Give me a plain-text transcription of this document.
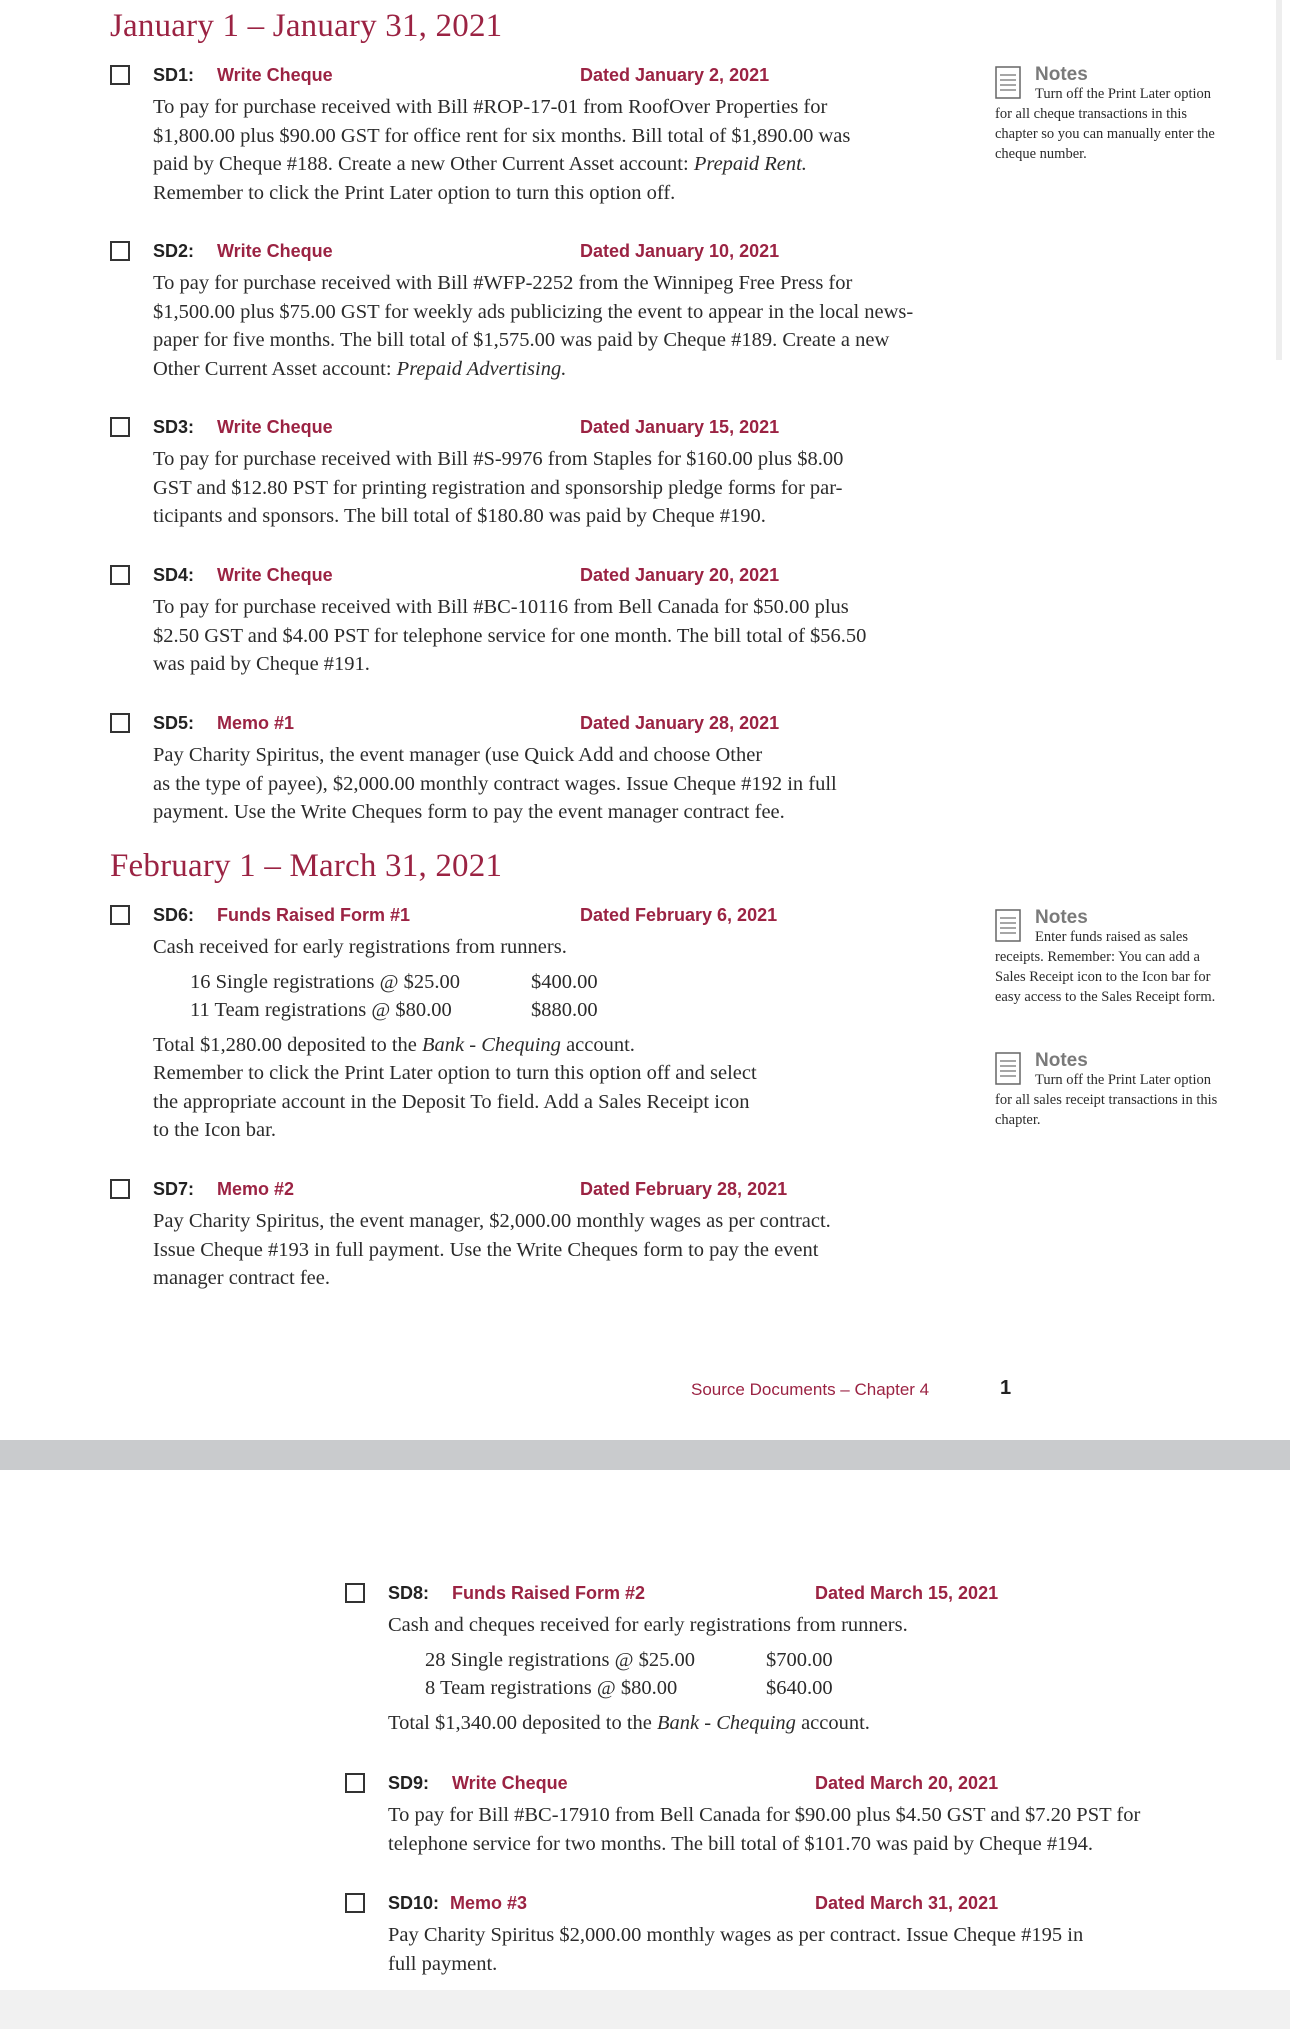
January 1 – January 31, 2021
SD1: Write Cheque	Dated January 2, 2021

To pay for purchase received with Bill #ROP-17-01 from RoofOver Properties for

$1,800.00 plus $90.00 GST for office rent for six months. Bill total of $1,890.00 was

paid by Cheque #188. Create a new Other Current Asset account: Prepaid Rent.

Remember to click the Print Later option to turn this option off.

SD2: Write Cheque	Dated January 10, 2021

To pay for purchase received with Bill #WFP-2252 from the Winnipeg Free Press for

$1,500.00 plus $75.00 GST for weekly ads publicizing the event to appear in the local news-

paper for five months. The bill total of $1,575.00 was paid by Cheque #189. Create a new

Other Current Asset account: Prepaid Advertising.

SD3: Write Cheque	Dated January 15, 2021

To pay for purchase received with Bill #S-9976 from Staples for $160.00 plus $8.00

GST and $12.80 PST for printing registration and sponsorship pledge forms for par-

ticipants and sponsors. The bill total of $180.80 was paid by Cheque #190.

SD4: Write Cheque	Dated January 20, 2021

To pay for purchase received with Bill #BC-10116 from Bell Canada for $50.00 plus

$2.50 GST and $4.00 PST for telephone service for one month. The bill total of $56.50

was paid by Cheque #191.

SD5: Memo #1	Dated January 28, 2021

Pay Charity Spiritus, the event manager (use Quick Add and choose Other

as the type of payee), $2,000.00 monthly contract wages. Issue Cheque #192 in full

payment. Use the Write Cheques form to pay the event manager contract fee.

February 1 – March 31, 2021
SD6: Funds Raised Form #1	Dated February 6, 2021

Cash received for early registrations from runners.

16 Single registrations @ $25.00	$400.00
11 Team registrations @ $80.00	$880.00

Total $1,280.00 deposited to the Bank - Chequing account.

Remember to click the Print Later option to turn this option off and select

the appropriate account in the Deposit To field. Add a Sales Receipt icon

to the Icon bar.

SD7: Memo #2	Dated February 28, 2021

Pay Charity Spiritus, the event manager, $2,000.00 monthly wages as per contract.

Issue Cheque #193 in full payment. Use the Write Cheques form to pay the event

manager contract fee.

Notes
Turn off the Print Later option for all cheque transactions in this chapter so you can manually enter the cheque number.
Notes
Enter funds raised as sales receipts. Remember: You can add a Sales Receipt icon to the Icon bar for easy access to the Sales Receipt form.
Notes
Turn off the Print Later option for all sales receipt transactions in this chapter.
Source Documents – Chapter 4	1
SD8: Funds Raised Form #2	Dated March 15, 2021

Cash and cheques received for early registrations from runners.

28 Single registrations @ $25.00	$700.00
8 Team registrations @ $80.00	$640.00

Total $1,340.00 deposited to the Bank - Chequing account.

SD9: Write Cheque	Dated March 20, 2021

To pay for Bill #BC-17910 from Bell Canada for $90.00 plus $4.50 GST and $7.20 PST for

telephone service for two months. The bill total of $101.70 was paid by Cheque #194.

SD10: Memo #3	Dated March 31, 2021

Pay Charity Spiritus $2,000.00 monthly wages as per contract. Issue Cheque #195 in

full payment.
